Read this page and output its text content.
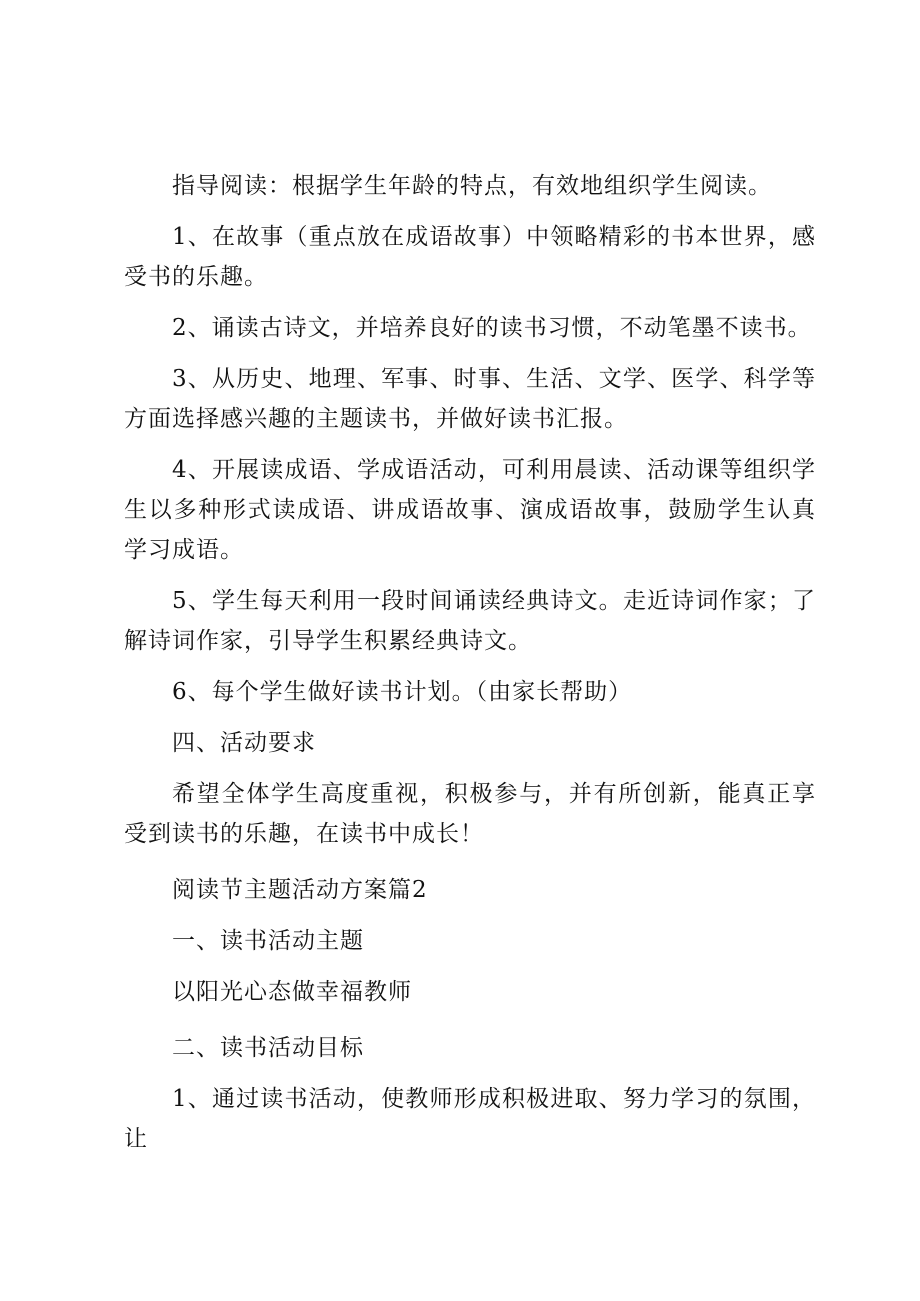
指导阅读：根据学生年龄的特点，有效地组织学生阅读。

1、在故事（重点放在成语故事）中领略精彩的书本世界，感受书的乐趣。

2、诵读古诗文，并培养良好的读书习惯，不动笔墨不读书。

3、从历史、地理、军事、时事、生活、文学、医学、科学等方面选择感兴趣的主题读书，并做好读书汇报。

4、开展读成语、学成语活动，可利用晨读、活动课等组织学生以多种形式读成语、讲成语故事、演成语故事，鼓励学生认真学习成语。

5、学生每天利用一段时间诵读经典诗文。走近诗词作家；了解诗词作家，引导学生积累经典诗文。

6、每个学生做好读书计划。（由家长帮助）

四、活动要求

希望全体学生高度重视，积极参与，并有所创新，能真正享受到读书的乐趣，在读书中成长！

阅读节主题活动方案篇2

一、读书活动主题

以阳光心态做幸福教师

二、读书活动目标

1、通过读书活动，使教师形成积极进取、努力学习的氛围，让
